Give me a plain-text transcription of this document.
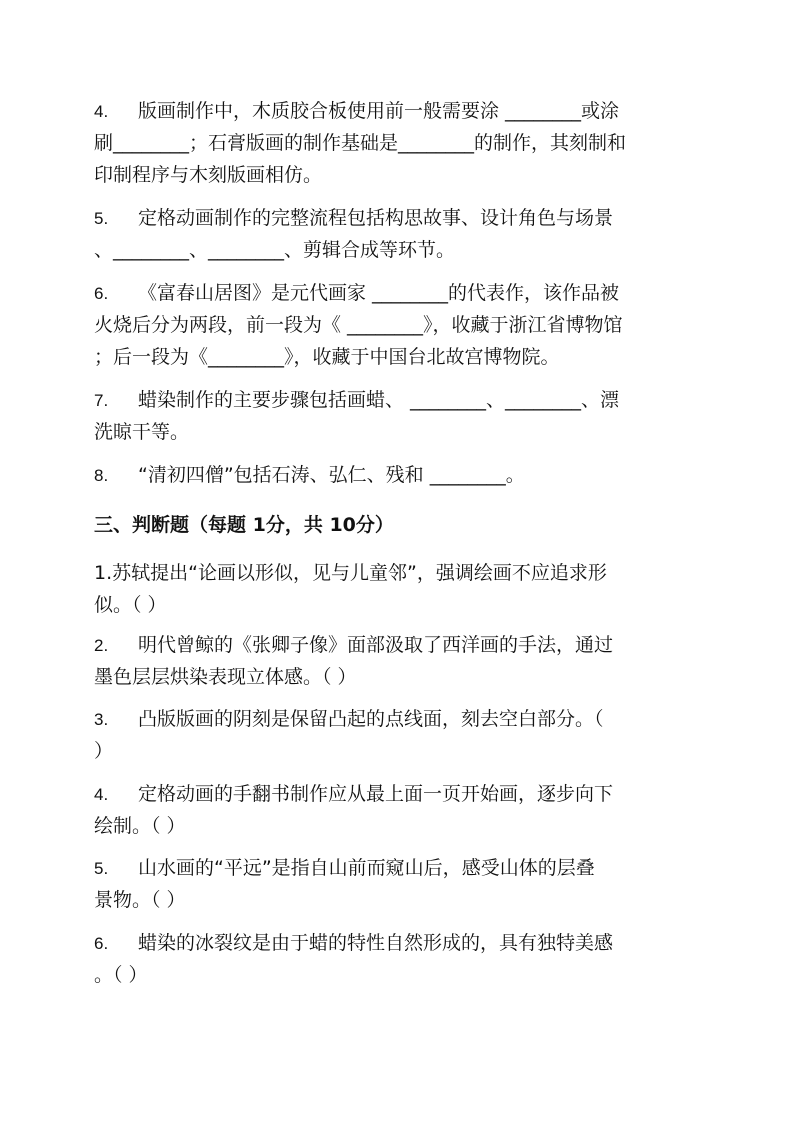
4. 版画制作中，木质胶合板使用前一般需要涂 ________或涂
刷________；石膏版画的制作基础是________的制作，其刻制和
印制程序与木刻版画相仿。
5. 定格动画制作的完整流程包括构思故事、设计角色与场景
、________、________、剪辑合成等环节。
6. 《富春山居图》是元代画家 ________的代表作，该作品被
火烧后分为两段，前一段为《 ________》，收藏于浙江省博物馆
；后一段为《________》，收藏于中国台北故宫博物院。
7. 蜡染制作的主要步骤包括画蜡、 ________、________、漂
洗晾干等。
8. “清初四僧”包括石涛、弘仁、残和 ________。
三、判断题（每题 1分，共 10分）
1.苏轼提出“论画以形似，见与儿童邻”，强调绘画不应追求形
似。（ ）
2. 明代曾鲸的《张卿子像》面部汲取了西洋画的手法，通过
墨色层层烘染表现立体感。（ ）
3. 凸版版画的阴刻是保留凸起的点线面，刻去空白部分。（
）
4. 定格动画的手翻书制作应从最上面一页开始画，逐步向下
绘制。（ ）
5. 山水画的“平远”是指自山前而窥山后，感受山体的层叠
景物。（ ）
6. 蜡染的冰裂纹是由于蜡的特性自然形成的，具有独特美感
。（ ）
